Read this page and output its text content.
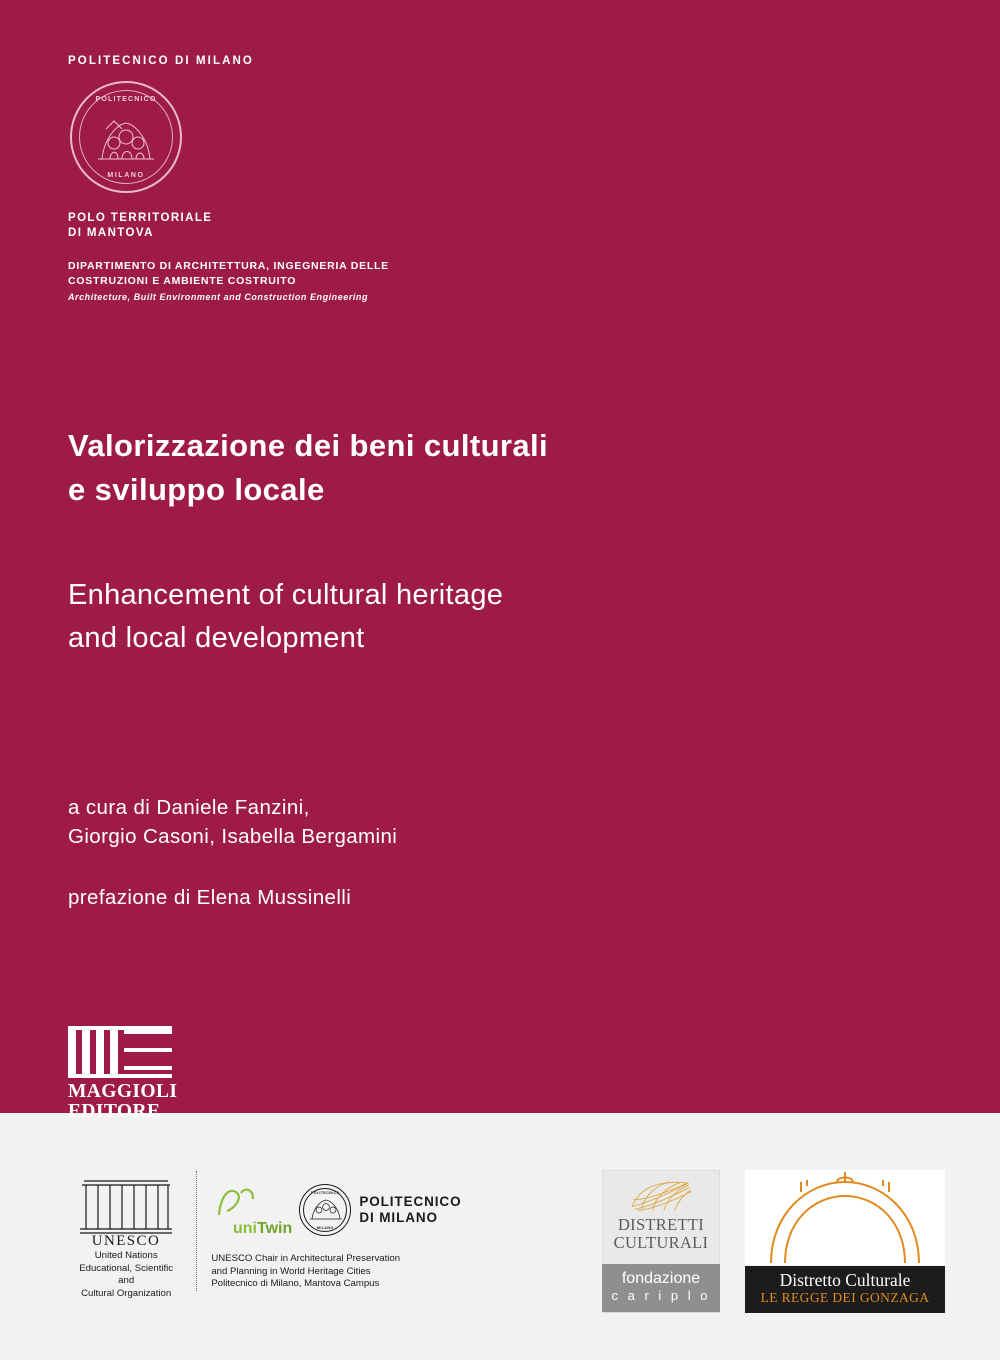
POLITECNICO DI MILANO

POLITECNICO
MILANO
POLO TERRITORIALE
DI MANTOVA
DIPARTIMENTO DI ARCHITETTURA, INGEGNERIA DELLE
COSTRUZIONI E AMBIENTE COSTRUITO
Architecture, Built Environment and Construction Engineering
Valorizzazione dei beni culturali
e sviluppo locale
Enhancement of cultural heritage
and local development

a cura di Daniele Fanzini,
Giorgio Casoni, Isabella Bergamini

prefazione di Elena Mussinelli

MAGGIOLI
EDITORE
UNESCO
United Nations
Educational, Scientific and
Cultural Organization
uni Twin
POLITECNICO
MILANO
POLITECNICO
DI MILANO
UNESCO Chair in Architectural Preservation
and Planning in World Heritage Cities
Politecnico di Milano, Mantova Campus
DISTRETTI
CULTURALI
fondazione
c a r i p l o
Distretto Culturale
LE REGGE DEI GONZAGA
